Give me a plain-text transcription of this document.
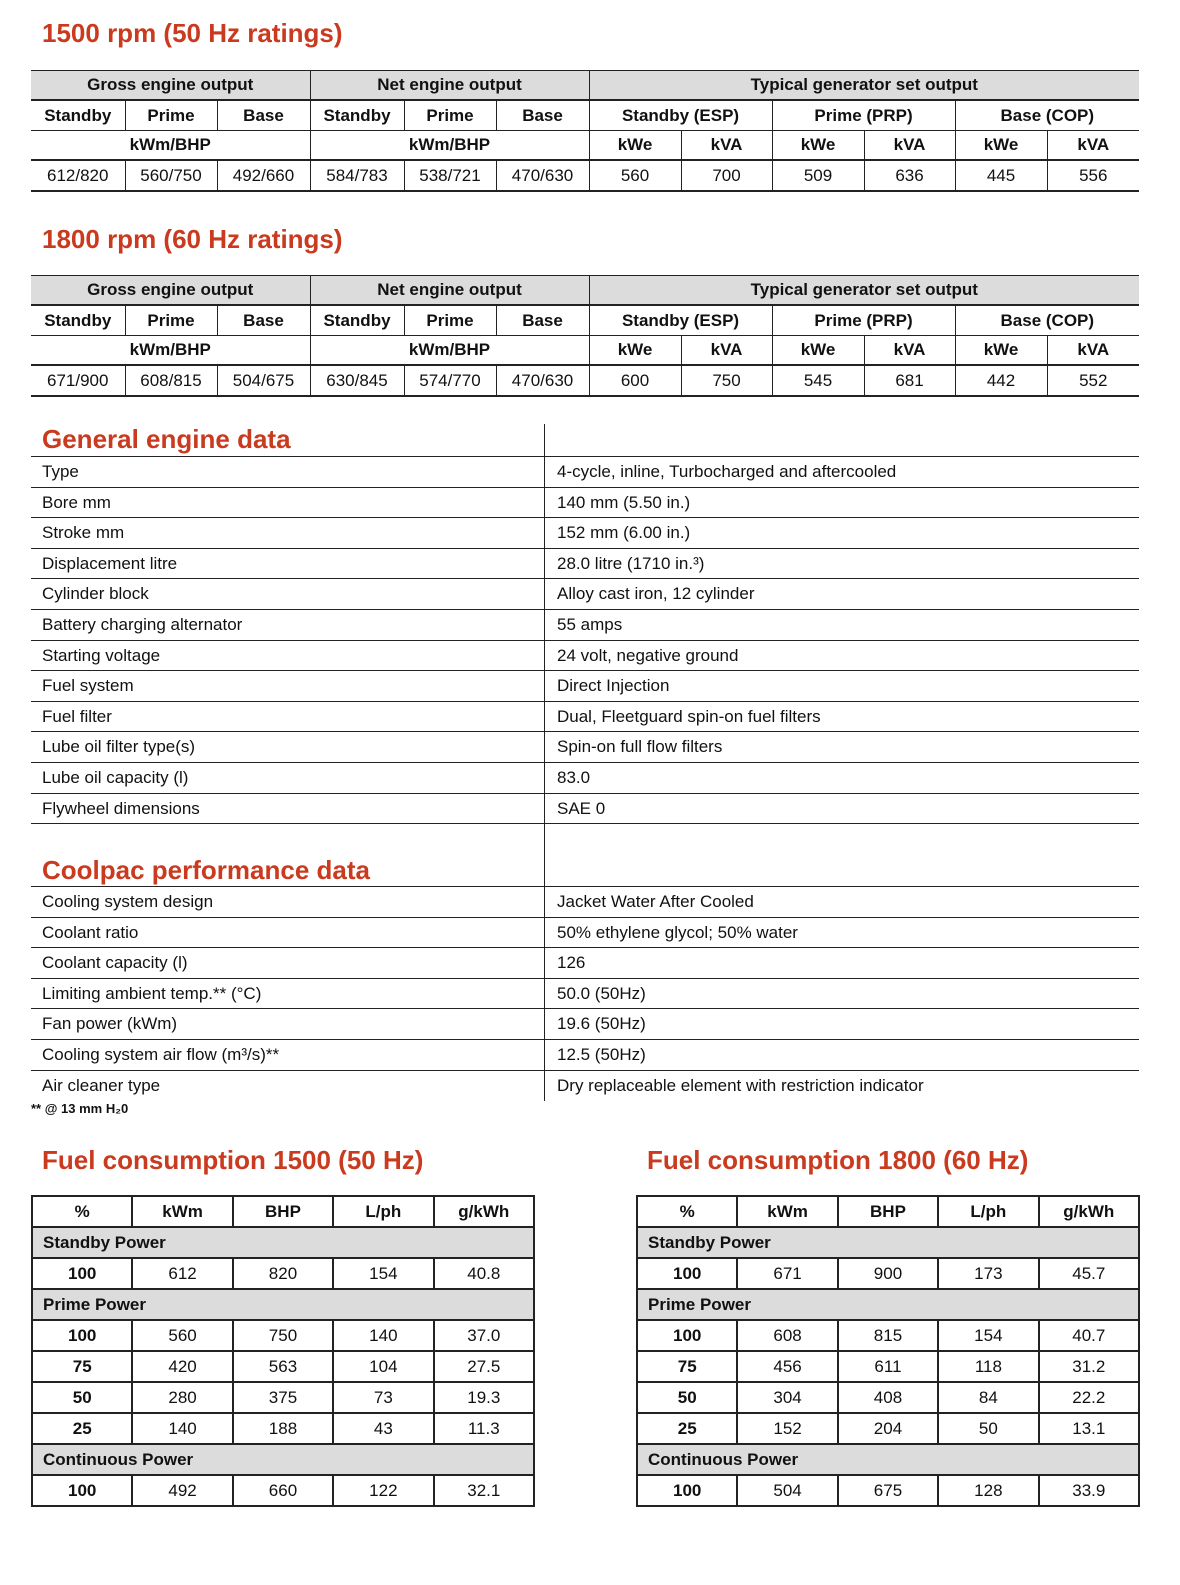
1500 rpm (50 Hz ratings)
Gross engine output			Net engine output			Typical generator set output					
Standby	Prime	Base	Standby	Prime	Base	Standby (ESP)		Prime (PRP)		Base (COP)	
kWm/BHP			kWm/BHP			kWe	kVA	kWe	kVA	kWe	kVA
612/820	560/750	492/660	584/783	538/721	470/630	560	700	509	636	445	556
1800 rpm (60 Hz ratings)
Gross engine output			Net engine output			Typical generator set output					
Standby	Prime	Base	Standby	Prime	Base	Standby (ESP)		Prime (PRP)		Base (COP)	
kWm/BHP			kWm/BHP			kWe	kVA	kWe	kVA	kWe	kVA
671/900	608/815	504/675	630/845	574/770	470/630	600	750	545	681	442	552
General engine data
Type	4-cycle, inline, Turbocharged and aftercooled
Bore mm	140 mm (5.50 in.)
Stroke mm	152 mm (6.00 in.)
Displacement litre	28.0 litre (1710 in.³)
Cylinder block	Alloy cast iron, 12 cylinder
Battery charging alternator	55 amps
Starting voltage	24 volt, negative ground
Fuel system	Direct Injection
Fuel filter	Dual, Fleetguard spin-on fuel filters
Lube oil filter type(s)	Spin-on full flow filters
Lube oil capacity (l)	83.0
Flywheel dimensions	SAE 0
Coolpac performance data
Cooling system design	Jacket Water After Cooled
Coolant ratio	50% ethylene glycol; 50% water
Coolant capacity (l)	126
Limiting ambient temp.** (°C)	50.0 (50Hz)
Fan power (kWm)	19.6 (50Hz)
Cooling system air flow (m³/s)**	12.5 (50Hz)
Air cleaner type	Dry replaceable element with restriction indicator
** @ 13 mm H₂0
Fuel consumption 1500 (50 Hz)
%	kWm	BHP	L/ph	g/kWh
Standby Power				
100	612	820	154	40.8
Prime Power				
100	560	750	140	37.0
75	420	563	104	27.5
50	280	375	73	19.3
25	140	188	43	11.3
Continuous Power				
100	492	660	122	32.1
Fuel consumption 1800 (60 Hz)
%	kWm	BHP	L/ph	g/kWh
Standby Power				
100	671	900	173	45.7
Prime Power				
100	608	815	154	40.7
75	456	611	118	31.2
50	304	408	84	22.2
25	152	204	50	13.1
Continuous Power				
100	504	675	128	33.9
